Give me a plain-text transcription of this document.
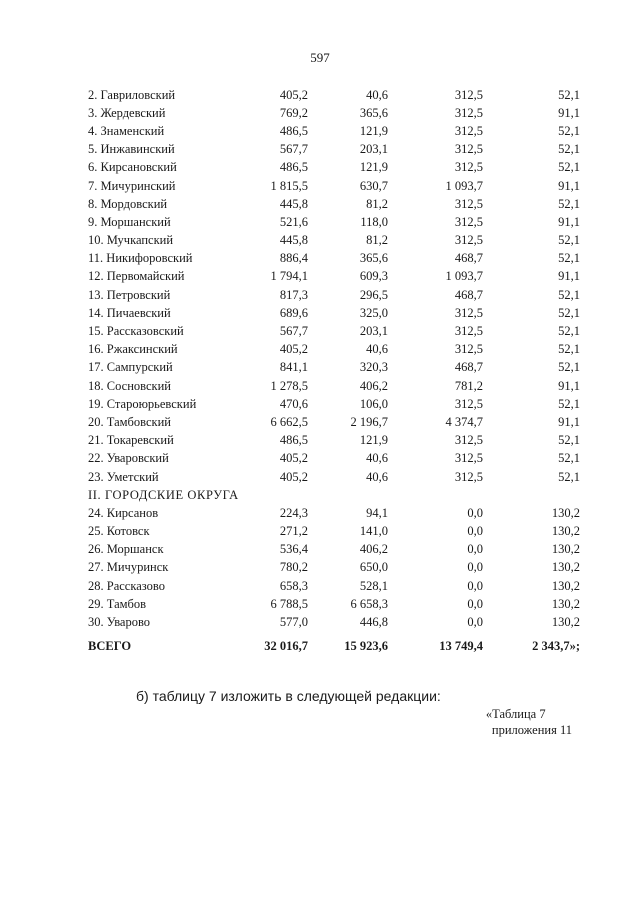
597
2. Гавриловский	405,2	40,6	312,5	52,1
3. Жердевский	769,2	365,6	312,5	91,1
4. Знаменский	486,5	121,9	312,5	52,1
5. Инжавинский	567,7	203,1	312,5	52,1
6. Кирсановский	486,5	121,9	312,5	52,1
7. Мичуринский	1 815,5	630,7	1 093,7	91,1
8. Мордовский	445,8	81,2	312,5	52,1
9. Моршанский	521,6	118,0	312,5	91,1
10. Мучкапский	445,8	81,2	312,5	52,1
11. Никифоровский	886,4	365,6	468,7	52,1
12. Первомайский	1 794,1	609,3	1 093,7	91,1
13. Петровский	817,3	296,5	468,7	52,1
14. Пичаевский	689,6	325,0	312,5	52,1
15. Рассказовский	567,7	203,1	312,5	52,1
16. Ржаксинский	405,2	40,6	312,5	52,1
17. Сампурский	841,1	320,3	468,7	52,1
18. Сосновский	1 278,5	406,2	781,2	91,1
19. Староюрьевский	470,6	106,0	312,5	52,1
20. Тамбовский	6 662,5	2 196,7	4 374,7	91,1
21. Токаревский	486,5	121,9	312,5	52,1
22. Уваровский	405,2	40,6	312,5	52,1
23. Уметский	405,2	40,6	312,5	52,1
II. ГОРОДСКИЕ ОКРУГА				
24. Кирсанов	224,3	94,1	0,0	130,2
25. Котовск	271,2	141,0	0,0	130,2
26. Моршанск	536,4	406,2	0,0	130,2
27. Мичуринск	780,2	650,0	0,0	130,2
28. Рассказово	658,3	528,1	0,0	130,2
29. Тамбов	6 788,5	6 658,3	0,0	130,2
30. Уварово	577,0	446,8	0,0	130,2
ВСЕГО	32 016,7	15 923,6	13 749,4	2 343,7»;
б) таблицу 7 изложить в следующей редакции:
«Таблица 7
приложения 11
